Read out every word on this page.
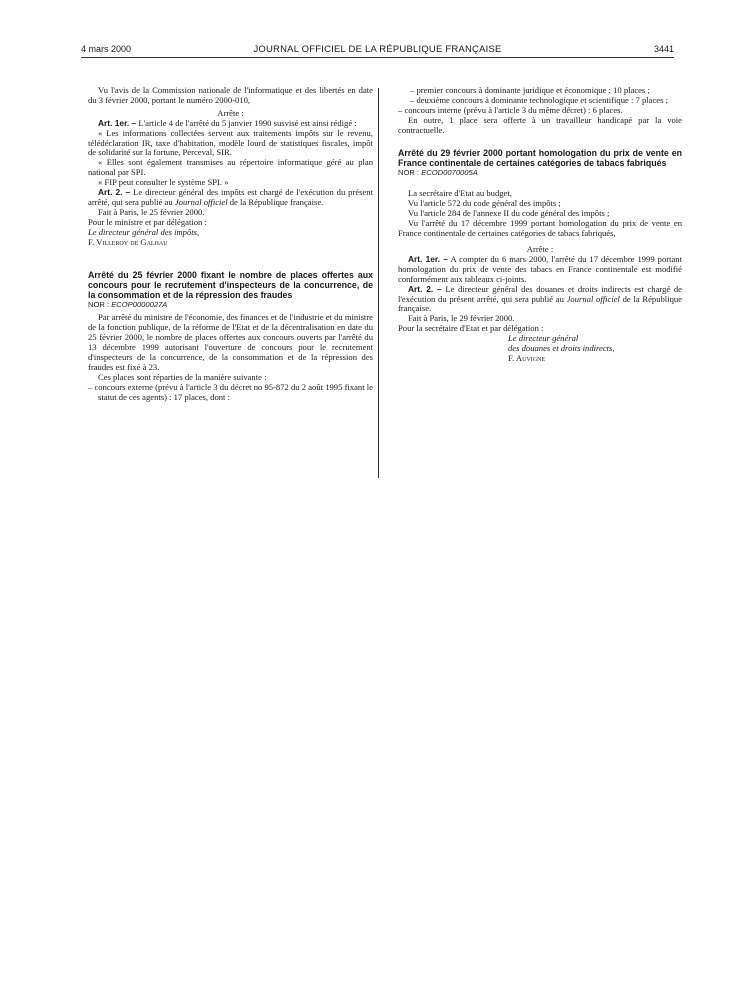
4 mars 2000	JOURNAL OFFICIEL DE LA RÉPUBLIQUE FRANÇAISE	3441

Vu l'avis de la Commission nationale de l'informatique et des libertés en date du 3 février 2000, portant le numéro 2000-010,

Arrête :

Art. 1er. – L'article 4 de l'arrêté du 5 janvier 1990 susvisé est ainsi rédigé :

« Les informations collectées servent aux traitements impôts sur le revenu, télédéclaration IR, taxe d'habitation, modèle lourd de statistiques fiscales, impôt de solidarité sur la fortune, Perceval, SIR.

« Elles sont également transmises au répertoire informatique géré au plan national par SPI.

« FIP peut consulter le système SPI. »

Art. 2. – Le directeur général des impôts est chargé de l'exécution du présent arrêté, qui sera publié au Journal officiel de la République française.

Fait à Paris, le 25 février 2000.

Pour le ministre et par délégation :

Le directeur général des impôts,

F. Villeroy de Galhau

Arrêté du 25 février 2000 fixant le nombre de places offertes aux concours pour le recrutement d'inspecteurs de la concurrence, de la consommation et de la répression des fraudes

NOR : ECOP0000027A

Par arrêté du ministre de l'économie, des finances et de l'industrie et du ministre de la fonction publique, de la réforme de l'Etat et de la décentralisation en date du 25 février 2000, le nombre de places offertes aux concours ouverts par l'arrêté du 13 décembre 1999 autorisant l'ouverture de concours pour le recrutement d'inspecteurs de la concurrence, de la consommation et de la répression des fraudes est fixé à 23.

Ces places sont réparties de la manière suivante :

– concours externe (prévu à l'article 3 du décret no 95-872 du 2 août 1995 fixant le statut de ces agents) : 17 places, dont :

– premier concours à dominante juridique et économique : 10 places ;

– deuxième concours à dominante technologique et scientifique : 7 places ;

– concours interne (prévu à l'article 3 du même décret) : 6 places.

En outre, 1 place sera offerte à un travailleur handicapé par la voie contractuelle.

Arrêté du 29 février 2000 portant homologation du prix de vente en France continentale de certaines catégories de tabacs fabriqués

NOR : ECOD0070005A

La secrétaire d'Etat au budget,

Vu l'article 572 du code général des impôts ;

Vu l'article 284 de l'annexe II du code général des impôts ;

Vu l'arrêté du 17 décembre 1999 portant homologation du prix de vente en France continentale de certaines catégories de tabacs fabriqués,

Arrête :

Art. 1er. – A compter du 6 mars 2000, l'arrêté du 17 décembre 1999 portant homologation du prix de vente des tabacs en France continentale est modifié conformément aux tableaux ci-joints.

Art. 2. – Le directeur général des douanes et droits indirects est chargé de l'exécution du présent arrêté, qui sera publié au Journal officiel de la République française.

Fait à Paris, le 29 février 2000.

Pour la secrétaire d'Etat et par délégation :

Le directeur général

des douanes et droits indirects,

F. Auvigne
